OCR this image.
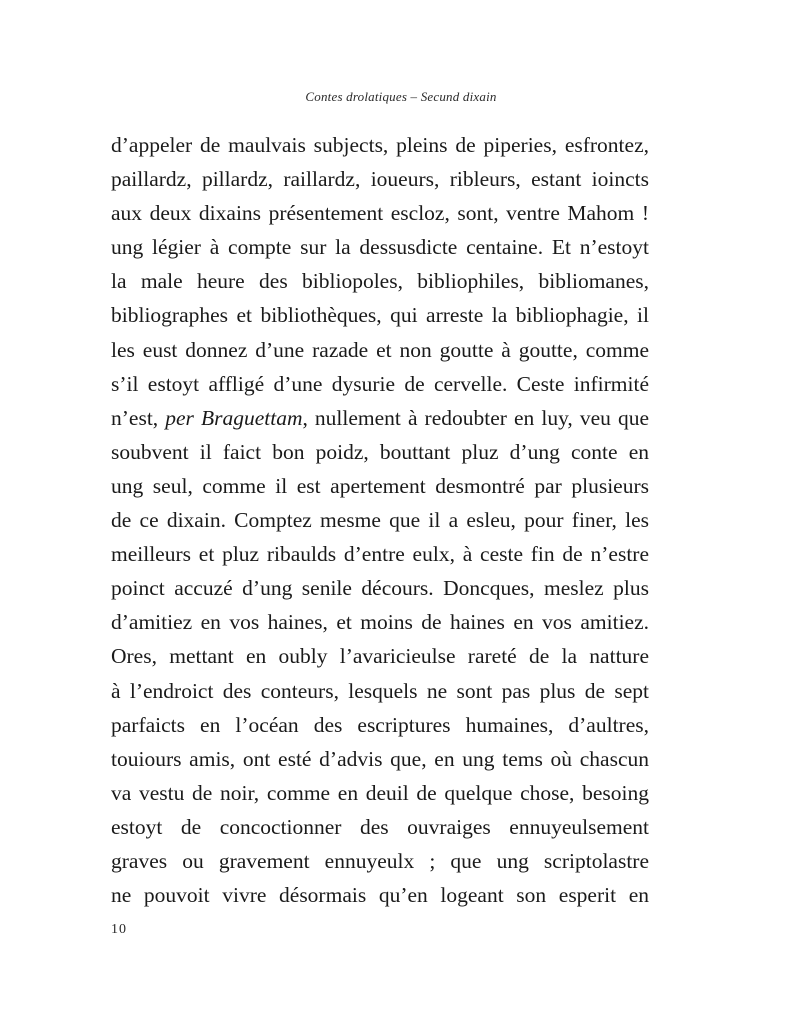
Contes drolatiques – Secund dixain
d’appeler de maulvais subjects, pleins de piperies, esfrontez,
paillardz, pillardz, raillardz, ioueurs, ribleurs, estant ioincts
aux deux dixains présentement escloz, sont, ventre Mahom !
ung légier à compte sur la dessusdicte centaine. Et n’estoyt
la male heure des bibliopoles, bibliophiles, bibliomanes,
bibliographes et bibliothèques, qui arreste la bibliophagie, il
les eust donnez d’une razade et non goutte à goutte, comme
s’il estoyt affligé d’une dysurie de cervelle. Ceste infirmité
n’est, per Braguettam, nullement à redoubter en luy, veu que
soubvent il faict bon poidz, bouttant pluz d’ung conte en
ung seul, comme il est apertement desmontré par plusieurs
de ce dixain. Comptez mesme que il a esleu, pour finer, les
meilleurs et pluz ribaulds d’entre eulx, à ceste fin de n’estre
poinct accuzé d’ung senile décours. Doncques, meslez plus
d’amitiez en vos haines, et moins de haines en vos amitiez.
Ores, mettant en oubly l’avaricieulse rareté de la natture
à l’endroict des conteurs, lesquels ne sont pas plus de sept
parfaicts en l’océan des escriptures humaines, d’aultres,
touiours amis, ont esté d’advis que, en ung tems où chascun
va vestu de noir, comme en deuil de quelque chose, besoing
estoyt de concoctionner des ouvraiges ennuyeulsement
graves ou gravement ennuyeulx ; que ung scriptolastre
ne pouvoit vivre désormais qu’en logeant son esperit en
10
